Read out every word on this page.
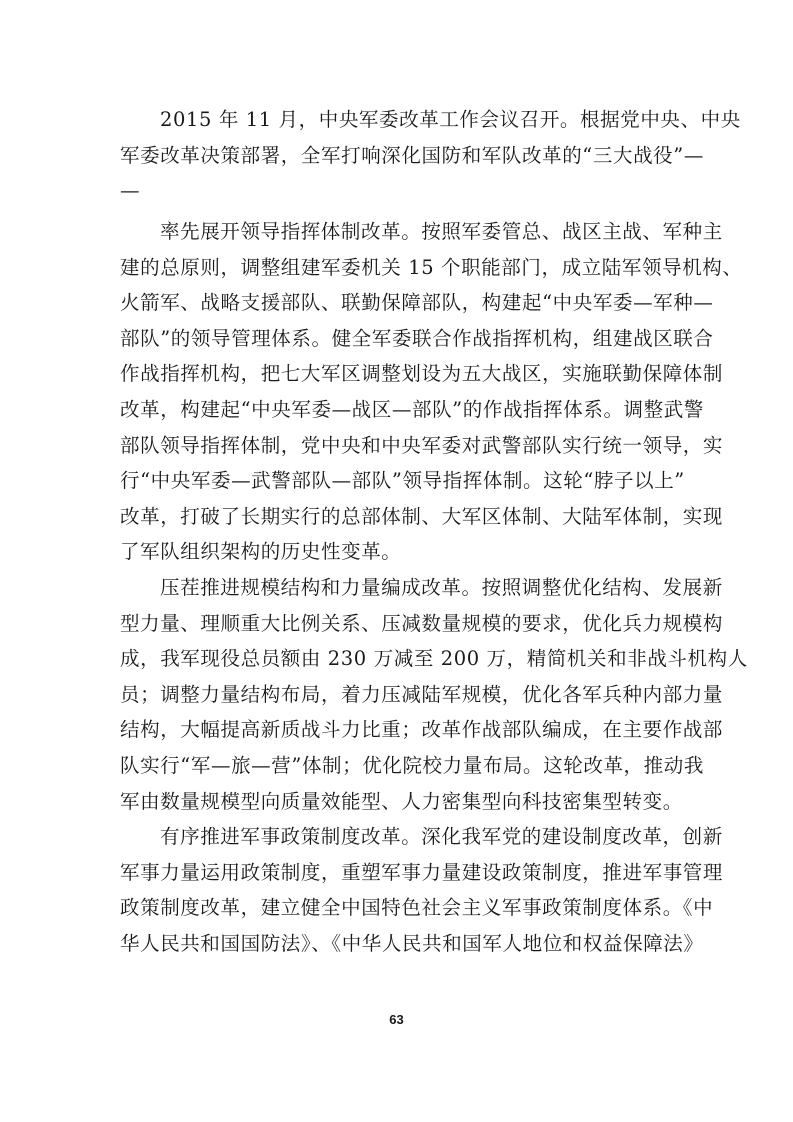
2015 年 11 月，中央军委改革工作会议召开。根据党中央、中央
军委改革决策部署，全军打响深化国防和军队改革的“三大战役”—
—
率先展开领导指挥体制改革。按照军委管总、战区主战、军种主
建的总原则，调整组建军委机关 15 个职能部门，成立陆军领导机构、
火箭军、战略支援部队、联勤保障部队，构建起“中央军委—军种—
部队”的领导管理体系。健全军委联合作战指挥机构，组建战区联合
作战指挥机构，把七大军区调整划设为五大战区，实施联勤保障体制
改革，构建起“中央军委—战区—部队”的作战指挥体系。调整武警
部队领导指挥体制，党中央和中央军委对武警部队实行统一领导，实
行“中央军委—武警部队—部队”领导指挥体制。这轮“脖子以上”
改革，打破了长期实行的总部体制、大军区体制、大陆军体制，实现
了军队组织架构的历史性变革。
压茬推进规模结构和力量编成改革。按照调整优化结构、发展新
型力量、理顺重大比例关系、压减数量规模的要求，优化兵力规模构
成，我军现役总员额由 230 万减至 200 万，精简机关和非战斗机构人
员；调整力量结构布局，着力压减陆军规模，优化各军兵种内部力量
结构，大幅提高新质战斗力比重；改革作战部队编成，在主要作战部
队实行“军—旅—营”体制；优化院校力量布局。这轮改革，推动我
军由数量规模型向质量效能型、人力密集型向科技密集型转变。
有序推进军事政策制度改革。深化我军党的建设制度改革，创新
军事力量运用政策制度，重塑军事力量建设政策制度，推进军事管理
政策制度改革，建立健全中国特色社会主义军事政策制度体系。《中
华人民共和国国防法》、《中华人民共和国军人地位和权益保障法》
63
